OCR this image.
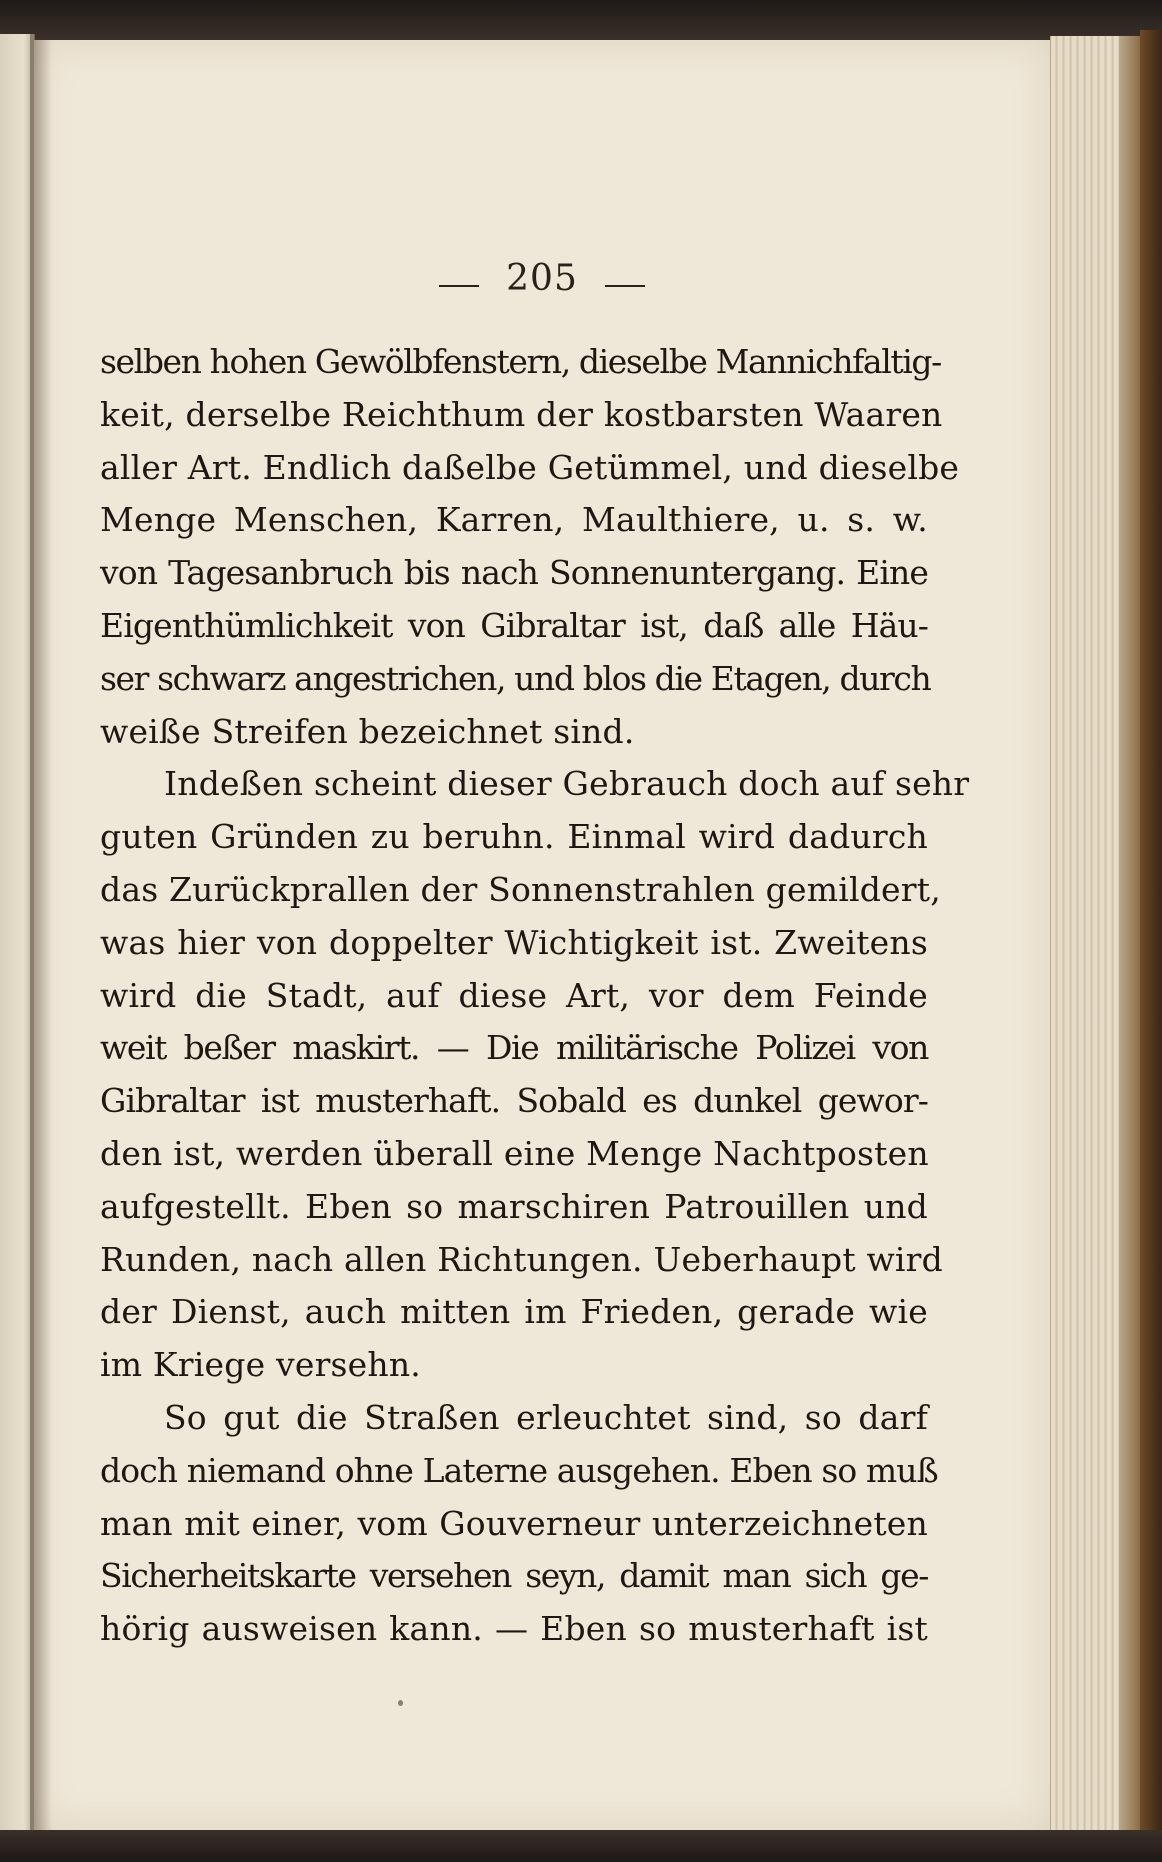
205
selben hohen Gewölbfenstern, dieselbe Mannichfaltig-
keit, derselbe Reichthum der kostbarsten Waaren
aller Art. Endlich daßelbe Getümmel, und dieselbe
Menge Menschen, Karren, Maulthiere, u. s. w.
von Tagesanbruch bis nach Sonnenuntergang. Eine
Eigenthümlichkeit von Gibraltar ist, daß alle Häu-
ser schwarz angestrichen, und blos die Etagen, durch
weiße Streifen bezeichnet sind.
Indeßen scheint dieser Gebrauch doch auf sehr
guten Gründen zu beruhn. Einmal wird dadurch
das Zurückprallen der Sonnenstrahlen gemildert,
was hier von doppelter Wichtigkeit ist. Zweitens
wird die Stadt, auf diese Art, vor dem Feinde
weit beßer maskirt. — Die militärische Polizei von
Gibraltar ist musterhaft. Sobald es dunkel gewor-
den ist, werden überall eine Menge Nachtposten
aufgestellt. Eben so marschiren Patrouillen und
Runden, nach allen Richtungen. Ueberhaupt wird
der Dienst, auch mitten im Frieden, gerade wie
im Kriege versehn.
So gut die Straßen erleuchtet sind, so darf
doch niemand ohne Laterne ausgehen. Eben so muß
man mit einer, vom Gouverneur unterzeichneten
Sicherheitskarte versehen seyn, damit man sich ge-
hörig ausweisen kann. — Eben so musterhaft ist
